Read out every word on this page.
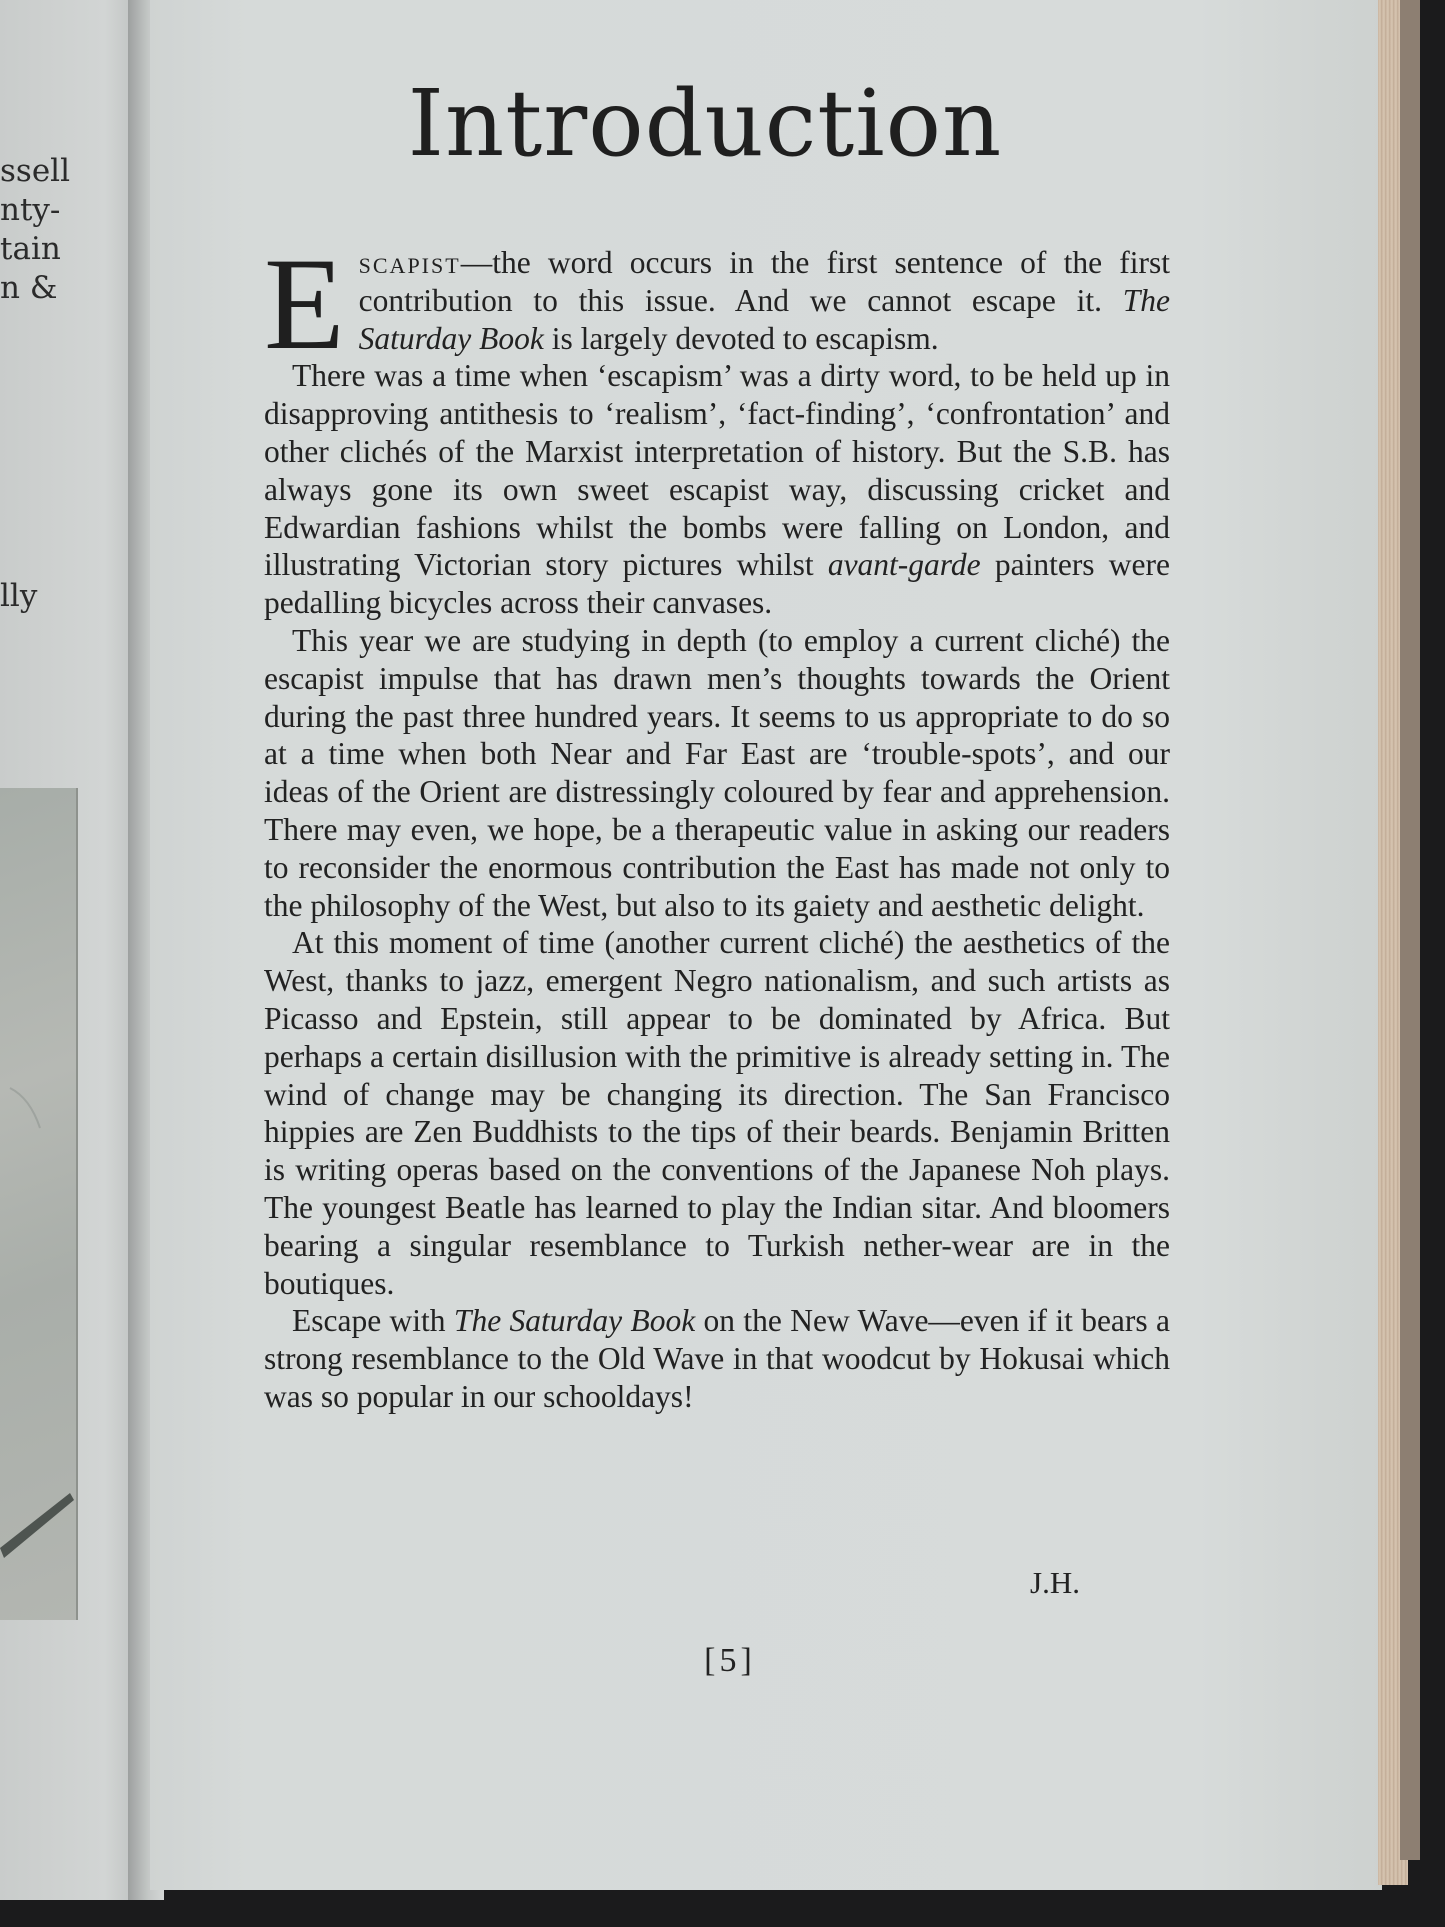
ssell
nty-
tain
n &
lly
Introduction

Escapist—the word occurs in the first sentence of the first contribution to this issue. And we cannot escape it. The Saturday Book is largely devoted to escapism.

There was a time when ‘escapism’ was a dirty word, to be held up in disapproving antithesis to ‘realism’, ‘fact-finding’, ‘confrontation’ and other clichés of the Marxist interpretation of history. But the S.B. has always gone its own sweet escapist way, discussing cricket and Edwardian fashions whilst the bombs were falling on London, and illustrating Victorian story pictures whilst avant-garde painters were pedalling bicycles across their canvases.

This year we are studying in depth (to employ a current cliché) the escapist impulse that has drawn men’s thoughts towards the Orient during the past three hundred years. It seems to us appropriate to do so at a time when both Near and Far East are ‘trouble-spots’, and our ideas of the Orient are distressingly coloured by fear and apprehension. There may even, we hope, be a therapeutic value in asking our readers to reconsider the enormous contribution the East has made not only to the philosophy of the West, but also to its gaiety and aesthetic delight.

At this moment of time (another current cliché) the aesthetics of the West, thanks to jazz, emergent Negro nationalism, and such artists as Picasso and Epstein, still appear to be dominated by Africa. But perhaps a certain disillusion with the primitive is already setting in. The wind of change may be changing its direction. The San Francisco hippies are Zen Buddhists to the tips of their beards. Benjamin Britten is writing operas based on the conventions of the Japanese Noh plays. The youngest Beatle has learned to play the Indian sitar. And bloomers bearing a singular resemblance to Turkish nether-wear are in the boutiques.

Escape with The Saturday Book on the New Wave—even if it bears a strong resemblance to the Old Wave in that woodcut by Hokusai which was so popular in our schooldays!

J.H.
[5]
